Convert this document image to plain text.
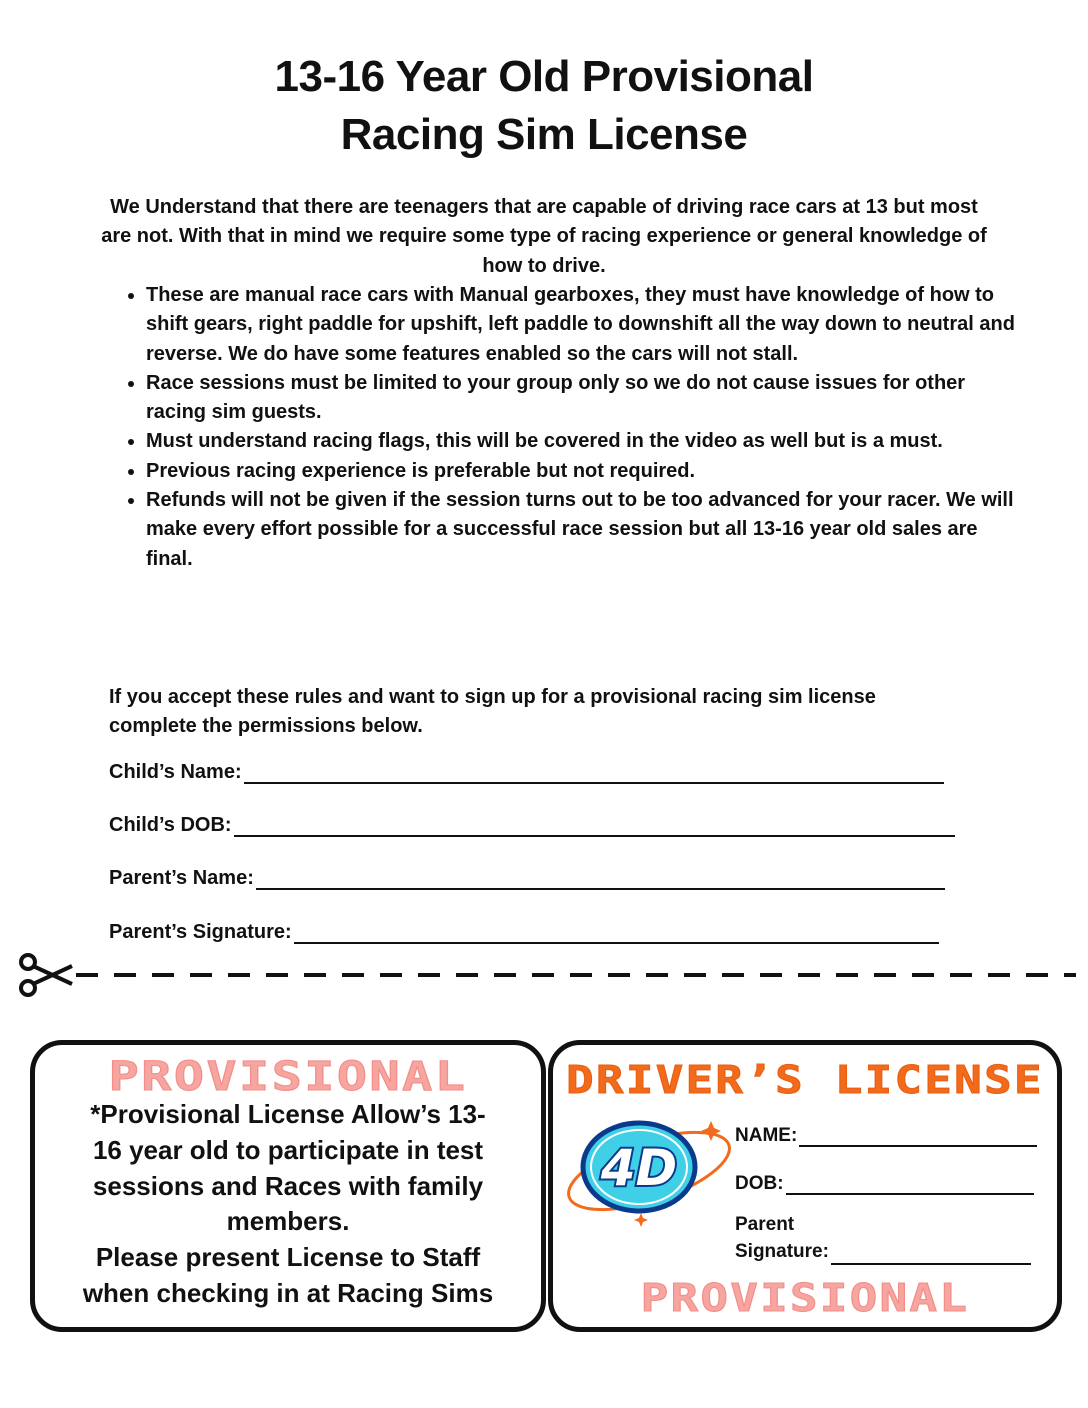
13-16 Year Old Provisional
Racing Sim License
We Understand that there are teenagers that are capable of driving race cars at 13 but most are not. With that in mind we require some type of racing experience or general knowledge of how to drive.
• These are manual race cars with Manual gearboxes, they must have knowledge of how to shift gears, right paddle for upshift, left paddle to downshift all the way down to neutral and reverse. We do have some features enabled so the cars will not stall.
• Race sessions must be limited to your group only so we do not cause issues for other racing sim guests.
• Must understand racing flags, this will be covered in the video as well but is a must.
• Previous racing experience is preferable but not required.
• Refunds will not be given if the session turns out to be too advanced for your racer. We will make every effort possible for a successful race session but all 13-16 year old sales are final.
If you accept these rules and want to sign up for a provisional racing sim license complete the permissions below.
Child’s Name:
Child’s DOB:
Parent’s Name:
Parent’s Signature:
PROVISIONAL
*Provisional License Allow’s 13-
16 year old to participate in test
sessions and Races with family
members.
Please present License to Staff
when checking in at Racing Sims
DRIVER’S LICENSE
4D
NAME:
DOB:
Parent
Signature:
PROVISIONAL
